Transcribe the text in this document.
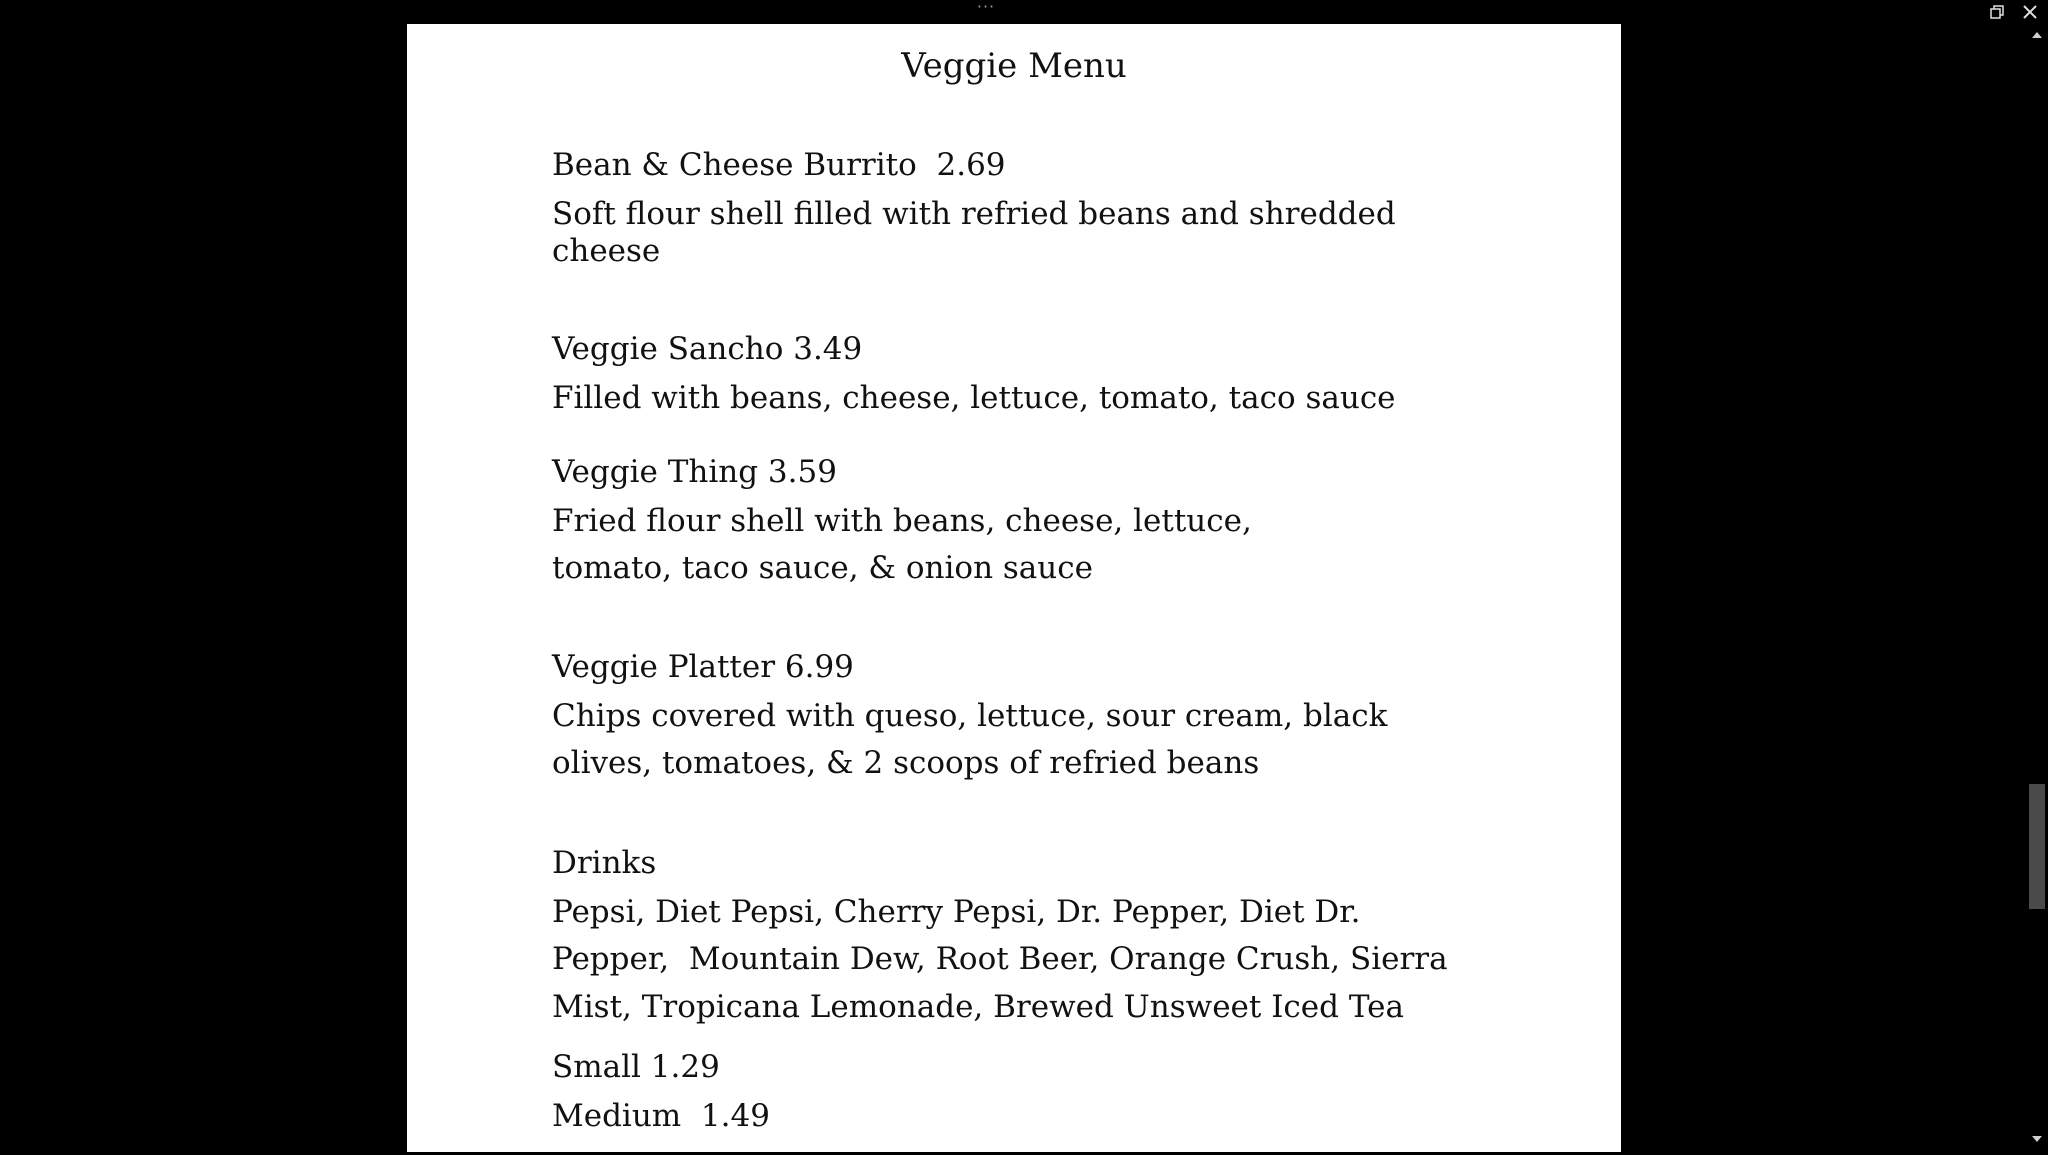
···
Veggie Menu
Bean & Cheese Burrito  2.69
Soft flour shell filled with refried beans and shredded
cheese
Veggie Sancho 3.49
Filled with beans, cheese, lettuce, tomato, taco sauce
Veggie Thing 3.59
Fried flour shell with beans, cheese, lettuce,
tomato, taco sauce, & onion sauce
Veggie Platter 6.99
Chips covered with queso, lettuce, sour cream, black
olives, tomatoes, & 2 scoops of refried beans
Drinks
Pepsi, Diet Pepsi, Cherry Pepsi, Dr. Pepper, Diet Dr.
Pepper,  Mountain Dew, Root Beer, Orange Crush, Sierra
Mist, Tropicana Lemonade, Brewed Unsweet Iced Tea
Small 1.29
Medium  1.49
